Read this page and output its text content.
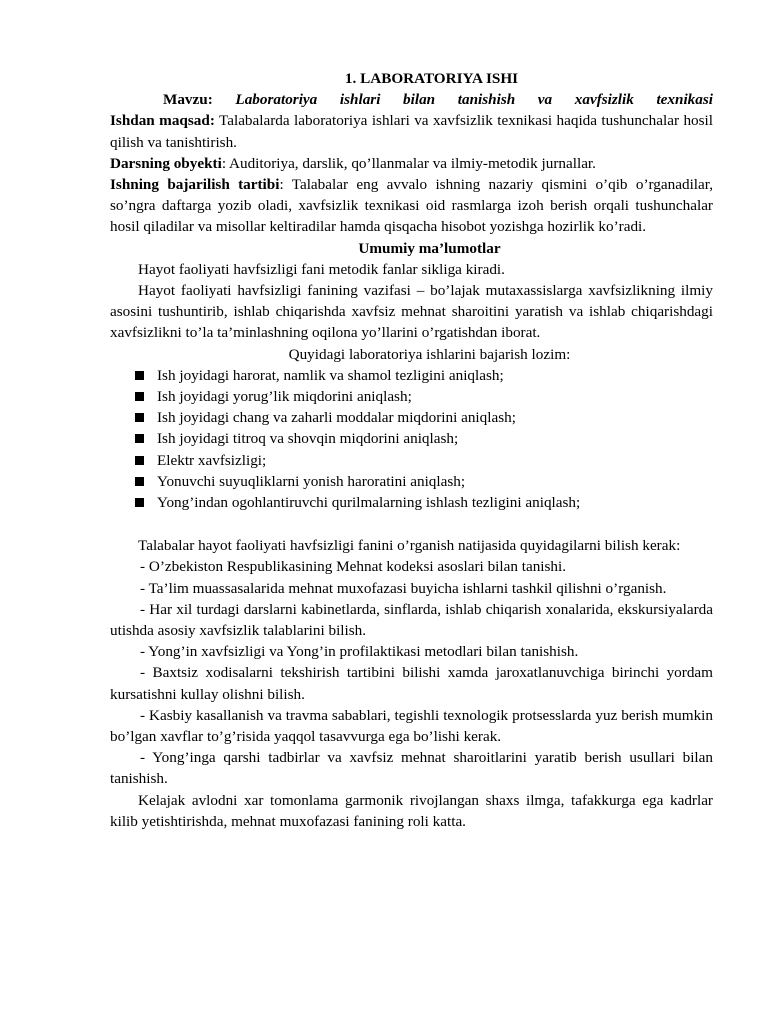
1. LABORATORIYA ISHI
Mavzu: Laboratoriya ishlari bilan tanishish va xavfsizlik texnikasi
Ishdan maqsad: Talabalarda laboratoriya ishlari va xavfsizlik texnikasi haqida tushunchalar hosil qilish va tanishtirish.
Darsning obyekti: Auditoriya, darslik, qo’llanmalar va ilmiy-metodik jurnallar.
Ishning bajarilish tartibi: Talabalar eng avvalo ishning nazariy qismini o’qib o’rganadilar, so’ngra daftarga yozib oladi, xavfsizlik texnikasi oid rasmlarga izoh berish orqali tushunchalar hosil qiladilar va misollar keltiradilar hamda qisqacha hisobot yozishga hozirlik ko’radi.
Umumiy ma’lumotlar
Hayot faoliyati havfsizligi fani metodik fanlar sikliga kiradi.
Hayot faoliyati havfsizligi fanining vazifasi – bo’lajak mutaxassislarga xavfsizlikning ilmiy asosini tushuntirib, ishlab chiqarishda xavfsiz mehnat sharoitini yaratish va ishlab chiqarishdagi xavfsizlikni to’la ta’minlashning oqilona yo’llarini o’rgatishdan iborat.
Quyidagi laboratoriya ishlarini bajarish lozim:
Ish joyidagi harorat, namlik va shamol tezligini aniqlash;
Ish joyidagi yorug’lik miqdorini aniqlash;
Ish joyidagi chang va zaharli moddalar miqdorini aniqlash;
Ish joyidagi titroq va shovqin miqdorini aniqlash;
Elektr xavfsizligi;
Yonuvchi suyuqliklarni yonish haroratini aniqlash;
Yong’indan ogohlantiruvchi qurilmalarning ishlash tezligini aniqlash;
Talabalar hayot faoliyati havfsizligi fanini o’rganish natijasida quyidagilarni bilish kerak:
- O’zbekiston Respublikasining Mehnat kodeksi asoslari bilan tanishi.
- Ta’lim muassasalarida mehnat muxofazasi buyicha ishlarni tashkil qilishni o’rganish.
- Har xil turdagi darslarni kabinetlarda, sinflarda, ishlab chiqarish xonalarida, ekskursiyalarda utishda asosiy xavfsizlik talablarini bilish.
- Yong’in xavfsizligi va Yong’in profilaktikasi metodlari bilan tanishish.
- Baxtsiz xodisalarni tekshirish tartibini bilishi xamda jaroxatlanuvchiga birinchi yordam kursatishni kullay olishni bilish.
- Kasbiy kasallanish va travma sabablari, tegishli texnologik protsesslarda yuz berish mumkin bo’lgan xavflar to’g’risida yaqqol tasavvurga ega bo’lishi kerak.
- Yong’inga qarshi tadbirlar va xavfsiz mehnat sharoitlarini yaratib berish usullari bilan tanishish.
Kelajak avlodni xar tomonlama garmonik rivojlangan shaxs ilmga, tafakkurga ega kadrlar kilib yetishtirishda, mehnat muxofazasi fanining roli katta.
